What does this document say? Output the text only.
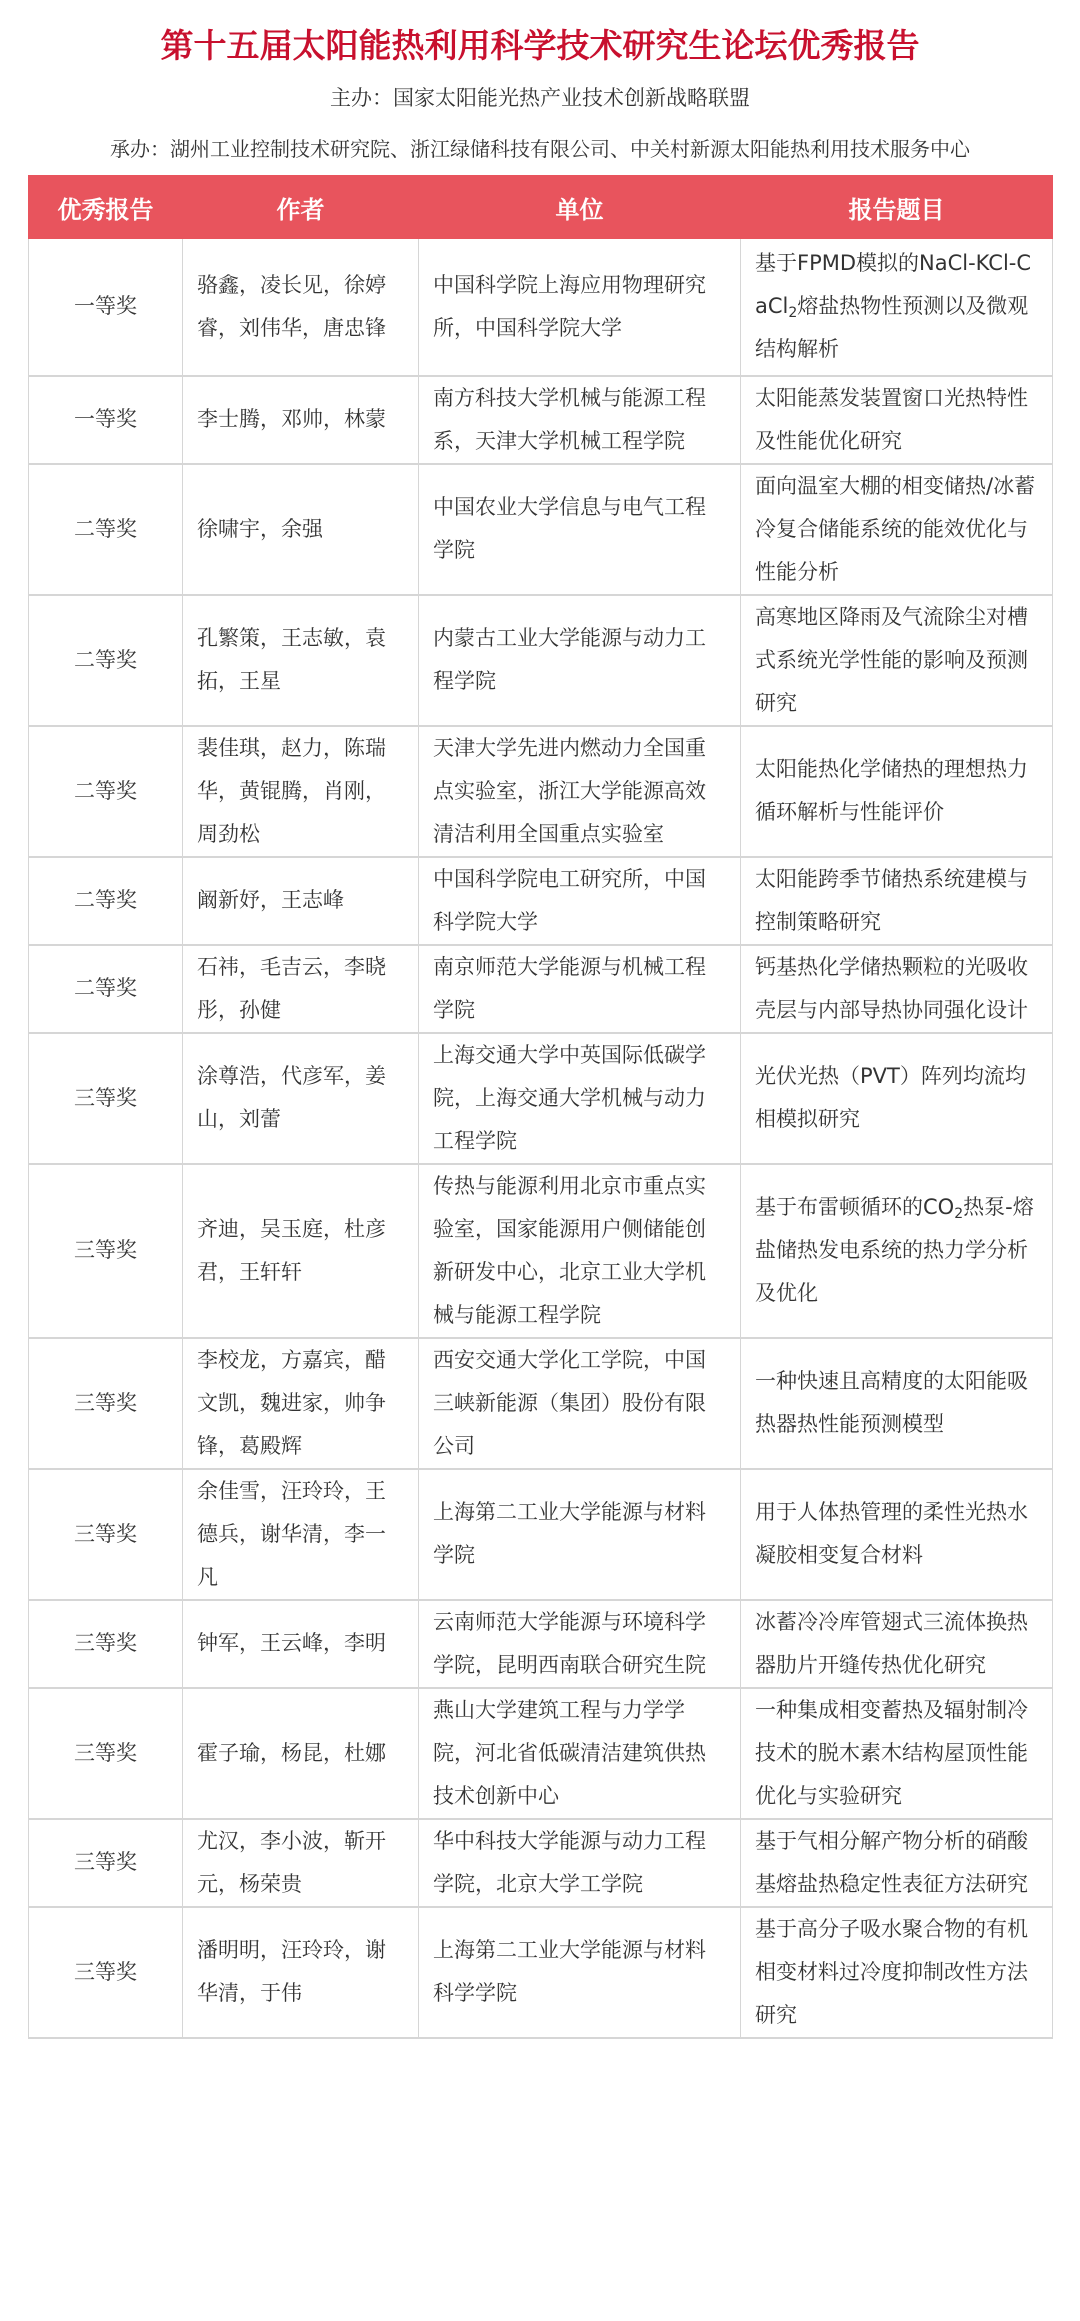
第十五届太阳能热利用科学技术研究生论坛优秀报告
主办：国家太阳能光热产业技术创新战略联盟
承办：湖州工业控制技术研究院、浙江绿储科技有限公司、中关村新源太阳能热利用技术服务中心
优秀报告	作者	单位	报告题目
一等奖	骆鑫，凌长见，徐婷睿，刘伟华，唐忠锋	中国科学院上海应用物理研究所，中国科学院大学	基于FPMD模拟的NaCl-KCl-CaCl$_2$熔盐热物性预测以及微观结构解析
一等奖	李士腾，邓帅，林蒙	南方科技大学机械与能源工程系，天津大学机械工程学院	太阳能蒸发装置窗口光热特性及性能优化研究
二等奖	徐啸宇，余强	中国农业大学信息与电气工程学院	面向温室大棚的相变储热/冰蓄冷复合储能系统的能效优化与性能分析
二等奖	孔繁策，王志敏，袁拓，王星	内蒙古工业大学能源与动力工程学院	高寒地区降雨及气流除尘对槽式系统光学性能的影响及预测研究
二等奖	裴佳琪，赵力，陈瑞华，黄锟腾，肖刚，周劲松	天津大学先进内燃动力全国重点实验室，浙江大学能源高效清洁利用全国重点实验室	太阳能热化学储热的理想热力循环解析与性能评价
二等奖	阚新妤，王志峰	中国科学院电工研究所，中国科学院大学	太阳能跨季节储热系统建模与控制策略研究
二等奖	石祎，毛吉云，李晓彤，孙健	南京师范大学能源与机械工程学院	钙基热化学储热颗粒的光吸收壳层与内部导热协同强化设计
三等奖	涂尊浩，代彦军，姜山，刘蕾	上海交通大学中英国际低碳学院，上海交通大学机械与动力工程学院	光伏光热（PVT）阵列均流均相模拟研究
三等奖	齐迪，吴玉庭，杜彦君，王轩轩	传热与能源利用北京市重点实验室，国家能源用户侧储能创新研发中心，北京工业大学机械与能源工程学院	基于布雷顿循环的$CO_2$热泵-熔盐储热发电系统的热力学分析及优化
三等奖	李校龙，方嘉宾，醋文凯，魏进家，帅争锋，葛殿辉	西安交通大学化工学院，中国三峡新能源（集团）股份有限公司	一种快速且高精度的太阳能吸热器热性能预测模型
三等奖	余佳雪，汪玲玲，王德兵，谢华清，李一凡	上海第二工业大学能源与材料学院	用于人体热管理的柔性光热水凝胶相变复合材料
三等奖	钟军，王云峰，李明	云南师范大学能源与环境科学学院，昆明西南联合研究生院	冰蓄冷冷库管翅式三流体换热器肋片开缝传热优化研究
三等奖	霍子瑜，杨昆，杜娜	燕山大学建筑工程与力学学院，河北省低碳清洁建筑供热技术创新中心	一种集成相变蓄热及辐射制冷技术的脱木素木结构屋顶性能优化与实验研究
三等奖	尤汉，李小波，靳开元，杨荣贵	华中科技大学能源与动力工程学院，北京大学工学院	基于气相分解产物分析的硝酸基熔盐热稳定性表征方法研究
三等奖	潘明明，汪玲玲，谢华清，于伟	上海第二工业大学能源与材料科学学院	基于高分子吸水聚合物的有机相变材料过冷度抑制改性方法研究
